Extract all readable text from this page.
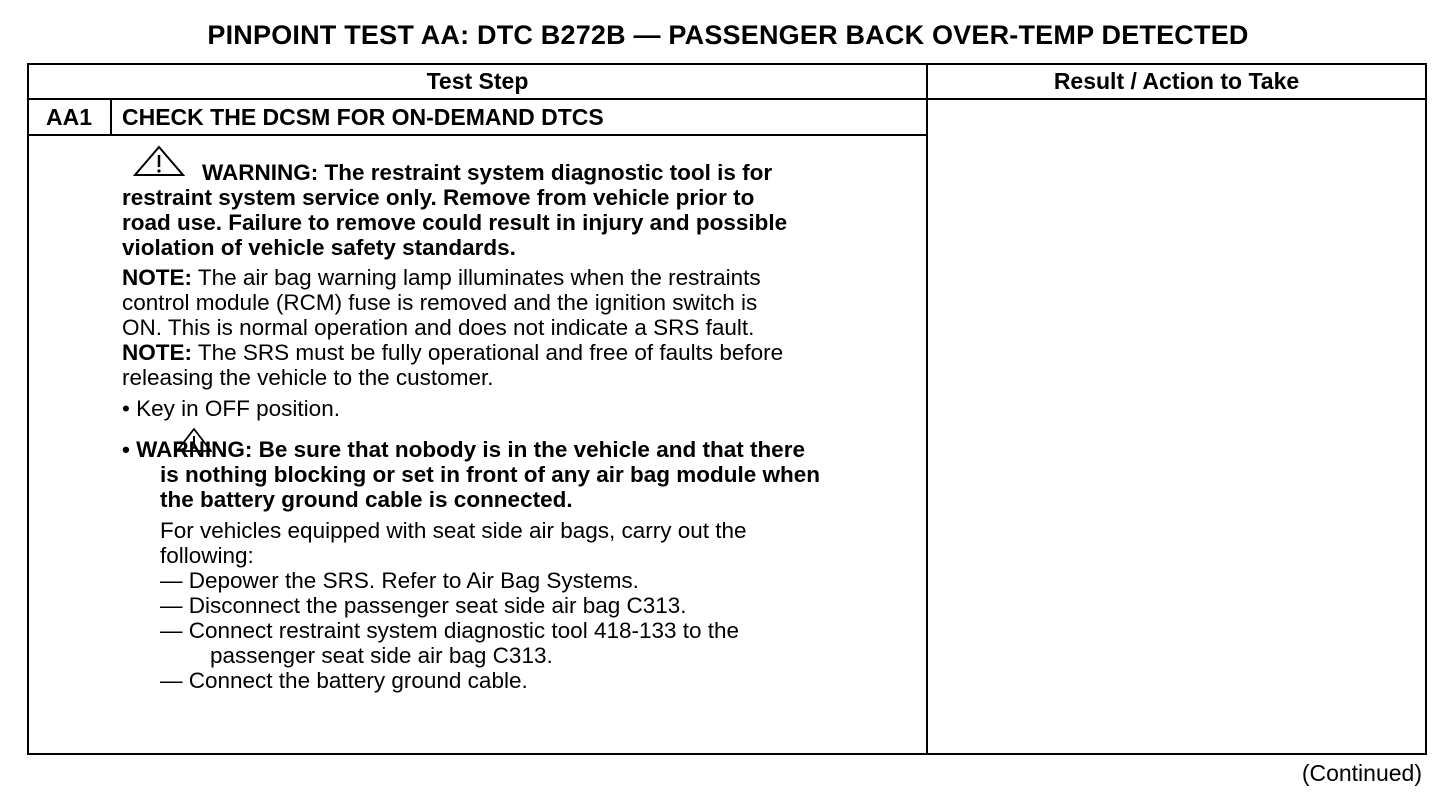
PINPOINT TEST AA: DTC B272B — PASSENGER BACK OVER-TEMP DETECTED
Test Step	Result / Action to Take
AA1	CHECK THE DCSM FOR ON-DEMAND DTCS
WARNING: The restraint system diagnostic tool is for
restraint system service only. Remove from vehicle prior to
road use. Failure to remove could result in injury and possible
violation of vehicle safety standards.
NOTE: The air bag warning lamp illuminates when the restraints
control module (RCM) fuse is removed and the ignition switch is
ON. This is normal operation and does not indicate a SRS fault.
NOTE: The SRS must be fully operational and free of faults before
releasing the vehicle to the customer.
• Key in OFF position.
• WARNING: Be sure that nobody is in the vehicle and that there
is nothing blocking or set in front of any air bag module when
the battery ground cable is connected.
For vehicles equipped with seat side air bags, carry out the
following:
— Depower the SRS. Refer to Air Bag Systems.
— Disconnect the passenger seat side air bag C313.
— Connect restraint system diagnostic tool 418-133 to the
passenger seat side air bag C313.
— Connect the battery ground cable.
(Continued)
